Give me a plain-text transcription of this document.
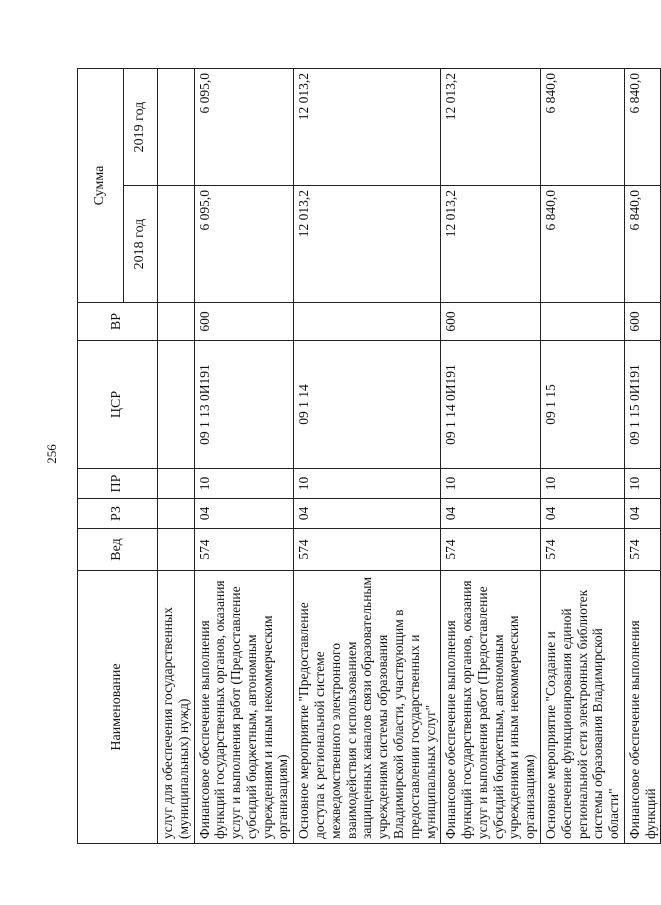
256
Наименование	Вед	РЗ	ПР	ЦСР	ВР	Сумма	
						2018 год	2019 год
услуг для обеспечения государственных (муниципальных) нужд)							
Финансовое обеспечение выполнения функций государственных органов, оказания услуг и выполнения работ (Предоставление субсидий бюджетным, автономным учреждениям и иным некоммерческим организациям)	574	04	10	09 1 13 0И191	600	6 095,0	6 095,0
Основное мероприятие "Предоставление доступа к региональной системе межведомственного электронного взаимодействия с использованием защищенных каналов связи образовательным учреждениям системы образования Владимирской области, участвующим в предоставлении государственных и муниципальных услуг"	574	04	10	09 1 14		12 013,2	12 013,2
Финансовое обеспечение выполнения функций государственных органов, оказания услуг и выполнения работ (Предоставление субсидий бюджетным, автономным учреждениям и иным некоммерческим организациям)	574	04	10	09 1 14 0И191	600	12 013,2	12 013,2
Основное мероприятие "Создание и обеспечение функционирования единой региональной сети электронных библиотек системы образования Владимирской области"	574	04	10	09 1 15		6 840,0	6 840,0
Финансовое обеспечение выполнения функций	574	04	10	09 1 15 0И191	600	6 840,0	6 840,0
